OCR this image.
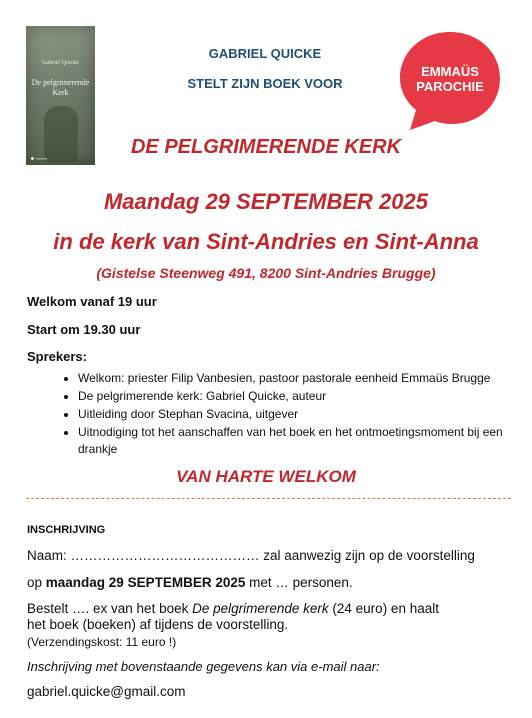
Gabriel Quicke
De pelgrimerende
Kerk
▪▪▪▪▪▪▪▪
GABRIEL QUICKE
STELT ZIJN BOEK VOOR
EMMAÜS
PAROCHIE
DE PELGRIMERENDE KERK
Maandag 29 SEPTEMBER 2025
in de kerk van Sint-Andries en Sint-Anna
(Gistelse Steenweg 491, 8200 Sint-Andries Brugge)
Welkom vanaf 19 uur
Start om 19.30 uur
Sprekers:
• Welkom: priester Filip Vanbesien, pastoor pastorale eenheid Emmaüs Brugge
• De pelgrimerende kerk: Gabriel Quicke, auteur
• Uitleiding door Stephan Svacina, uitgever
• Uitnodiging tot het aanschaffen van het boek en het ontmoetingsmoment bij een drankje
VAN HARTE WELKOM
INSCHRIJVING
Naam: …………………………………… zal aanwezig zijn op de voorstelling
op maandag 29 SEPTEMBER 2025 met … personen.
Bestelt …. ex van het boek De pelgrimerende kerk (24 euro) en haalt
het boek (boeken) af tijdens de voorstelling.
(Verzendingskost: 11 euro !)
Inschrijving met bovenstaande gegevens kan via e-mail naar:
gabriel.quicke@gmail.com
